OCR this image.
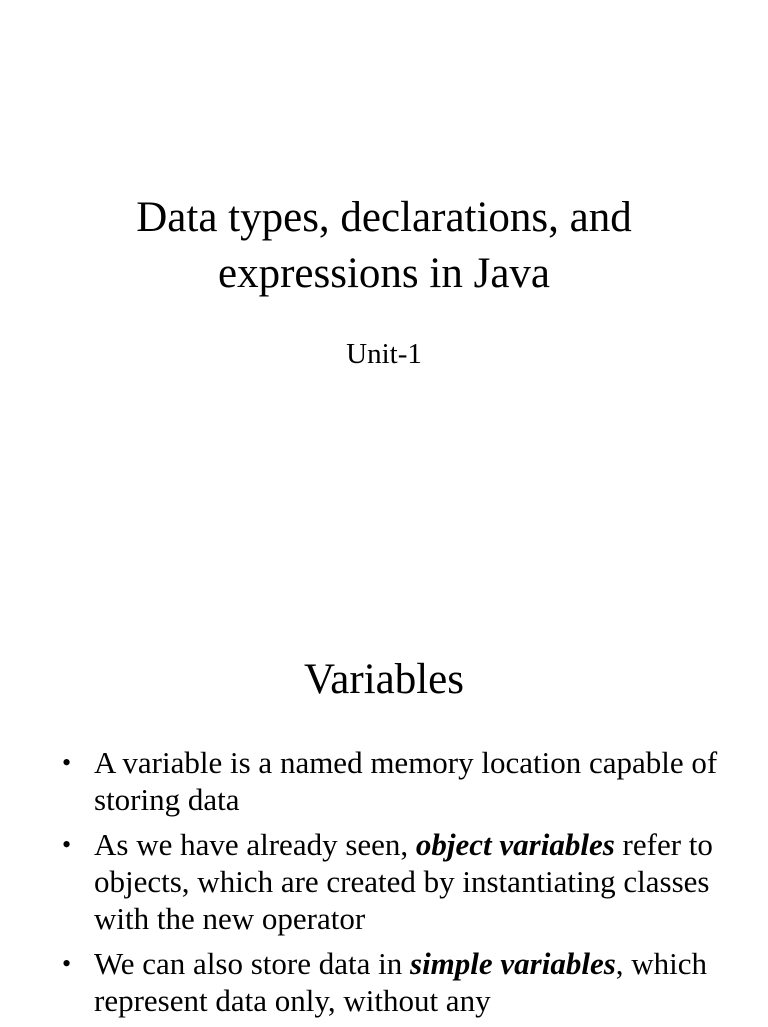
Data types, declarations, and
expressions in Java
Unit-1
Variables
• A variable is a named memory location capable of storing data
• As we have already seen, object variables refer to objects, which are created by instantiating classes with the new operator
• We can also store data in simple variables, which represent data only, without any
